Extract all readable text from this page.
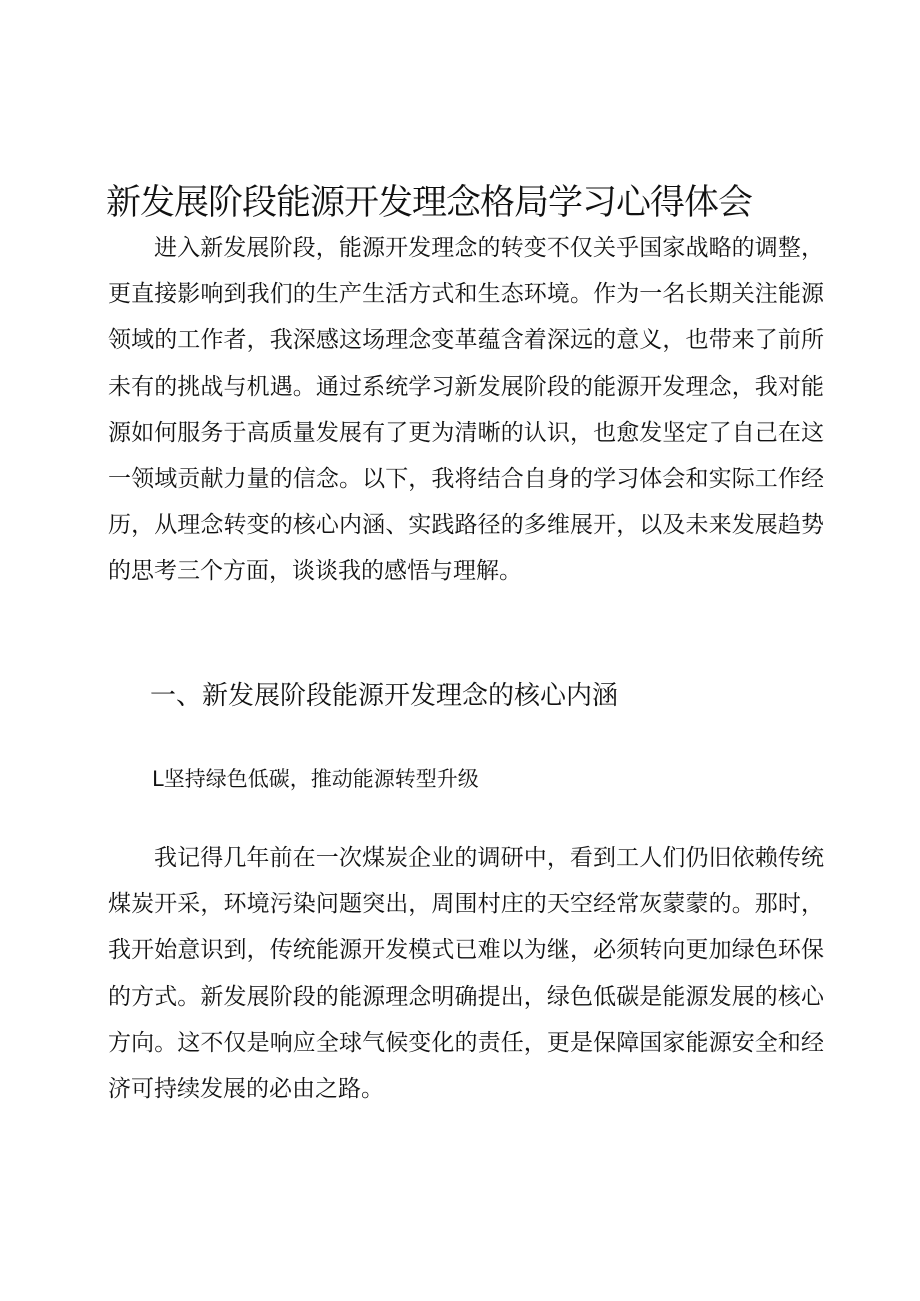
新发展阶段能源开发理念格局学习心得体会

进入新发展阶段，能源开发理念的转变不仅关乎国家战略的调整，更直接影响到我们的生产生活方式和生态环境。作为一名长期关注能源领域的工作者，我深感这场理念变革蕴含着深远的意义，也带来了前所未有的挑战与机遇。通过系统学习新发展阶段的能源开发理念，我对能源如何服务于高质量发展有了更为清晰的认识，也愈发坚定了自己在这一领域贡献力量的信念。以下，我将结合自身的学习体会和实际工作经历，从理念转变的核心内涵、实践路径的多维展开，以及未来发展趋势的思考三个方面，谈谈我的感悟与理解。

一、新发展阶段能源开发理念的核心内涵
L坚持绿色低碳，推动能源转型升级

我记得几年前在一次煤炭企业的调研中，看到工人们仍旧依赖传统煤炭开采，环境污染问题突出，周围村庄的天空经常灰蒙蒙的。那时，我开始意识到，传统能源开发模式已难以为继，必须转向更加绿色环保的方式。新发展阶段的能源理念明确提出，绿色低碳是能源发展的核心方向。这不仅是响应全球气候变化的责任，更是保障国家能源安全和经济可持续发展的必由之路。
